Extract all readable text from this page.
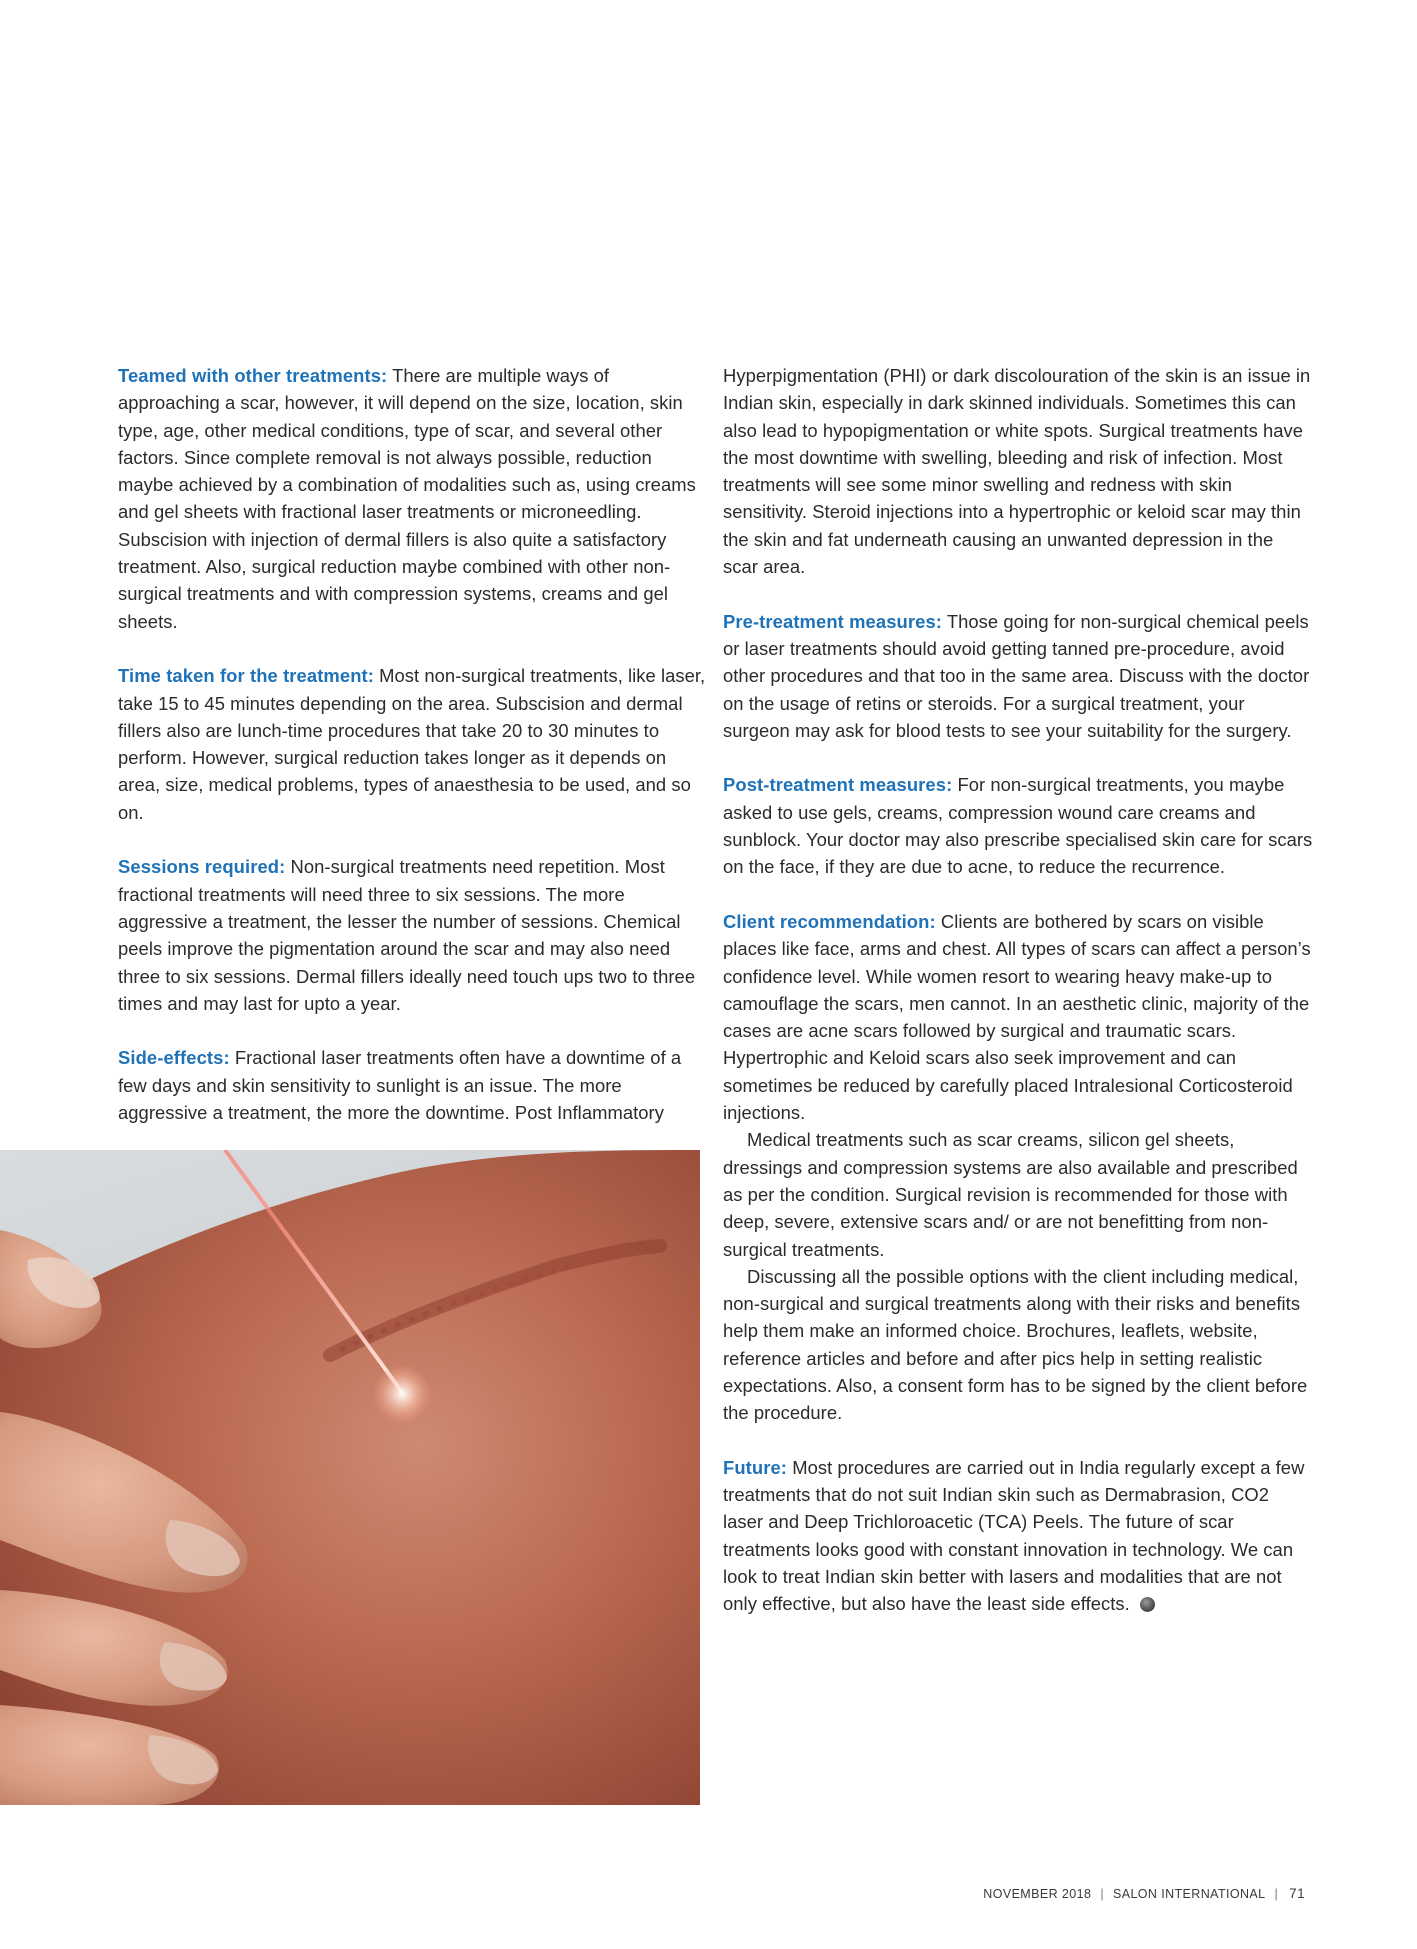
Teamed with other treatments: There are multiple ways of approaching a scar, however, it will depend on the size, location, skin type, age, other medical conditions, type of scar, and several other factors. Since complete removal is not always possible, reduction maybe achieved by a combination of modalities such as, using creams and gel sheets with fractional laser treatments or microneedling. Subscision with injection of dermal fillers is also quite a satisfactory treatment. Also, surgical reduction maybe combined with other non-surgical treatments and with compression systems, creams and gel sheets.

Time taken for the treatment: Most non-surgical treatments, like laser, take 15 to 45 minutes depending on the area. Subscision and dermal fillers also are lunch-time procedures that take 20 to 30 minutes to perform. However, surgical reduction takes longer as it depends on area, size, medical problems, types of anaesthesia to be used, and so on.

Sessions required: Non-surgical treatments need repetition. Most fractional treatments will need three to six sessions. The more aggressive a treatment, the lesser the number of sessions. Chemical peels improve the pigmentation around the scar and may also need three to six sessions. Dermal fillers ideally need touch ups two to three times and may last for upto a year.

Side-effects: Fractional laser treatments often have a downtime of a few days and skin sensitivity to sunlight is an issue. The more aggressive a treatment, the more the downtime. Post Inflammatory

Hyperpigmentation (PHI) or dark discolouration of the skin is an issue in Indian skin, especially in dark skinned individuals. Sometimes this can also lead to hypopigmentation or white spots. Surgical treatments have the most downtime with swelling, bleeding and risk of infection. Most treatments will see some minor swelling and redness with skin sensitivity. Steroid injections into a hypertrophic or keloid scar may thin the skin and fat underneath causing an unwanted depression in the scar area.

Pre-treatment measures: Those going for non-surgical chemical peels or laser treatments should avoid getting tanned pre-procedure, avoid other procedures and that too in the same area. Discuss with the doctor on the usage of retins or steroids. For a surgical treatment, your surgeon may ask for blood tests to see your suitability for the surgery.

Post-treatment measures: For non-surgical treatments, you maybe asked to use gels, creams, compression wound care creams and sunblock. Your doctor may also prescribe specialised skin care for scars on the face, if they are due to acne, to reduce the recurrence.

Client recommendation: Clients are bothered by scars on visible places like face, arms and chest. All types of scars can affect a person’s confidence level. While women resort to wearing heavy make-up to camouflage the scars, men cannot. In an aesthetic clinic, majority of the cases are acne scars followed by surgical and traumatic scars. Hypertrophic and Keloid scars also seek improvement and can sometimes be reduced by carefully placed Intralesional Corticosteroid injections.

Medical treatments such as scar creams, silicon gel sheets, dressings and compression systems are also available and prescribed as per the condition. Surgical revision is recommended for those with deep, severe, extensive scars and/ or are not benefitting from non-surgical treatments.

Discussing all the possible options with the client including medical, non-surgical and surgical treatments along with their risks and benefits help them make an informed choice. Brochures, leaflets, website, reference articles and before and after pics help in setting realistic expectations. Also, a consent form has to be signed by the client before the procedure.

Future: Most procedures are carried out in India regularly except a few treatments that do not suit Indian skin such as Dermabrasion, CO2 laser and Deep Trichloroacetic (TCA) Peels. The future of scar treatments looks good with constant innovation in technology. We can look to treat Indian skin better with lasers and modalities that are not only effective, but also have the least side effects.

NOVEMBER 2018 | SALON INTERNATIONAL | 71
